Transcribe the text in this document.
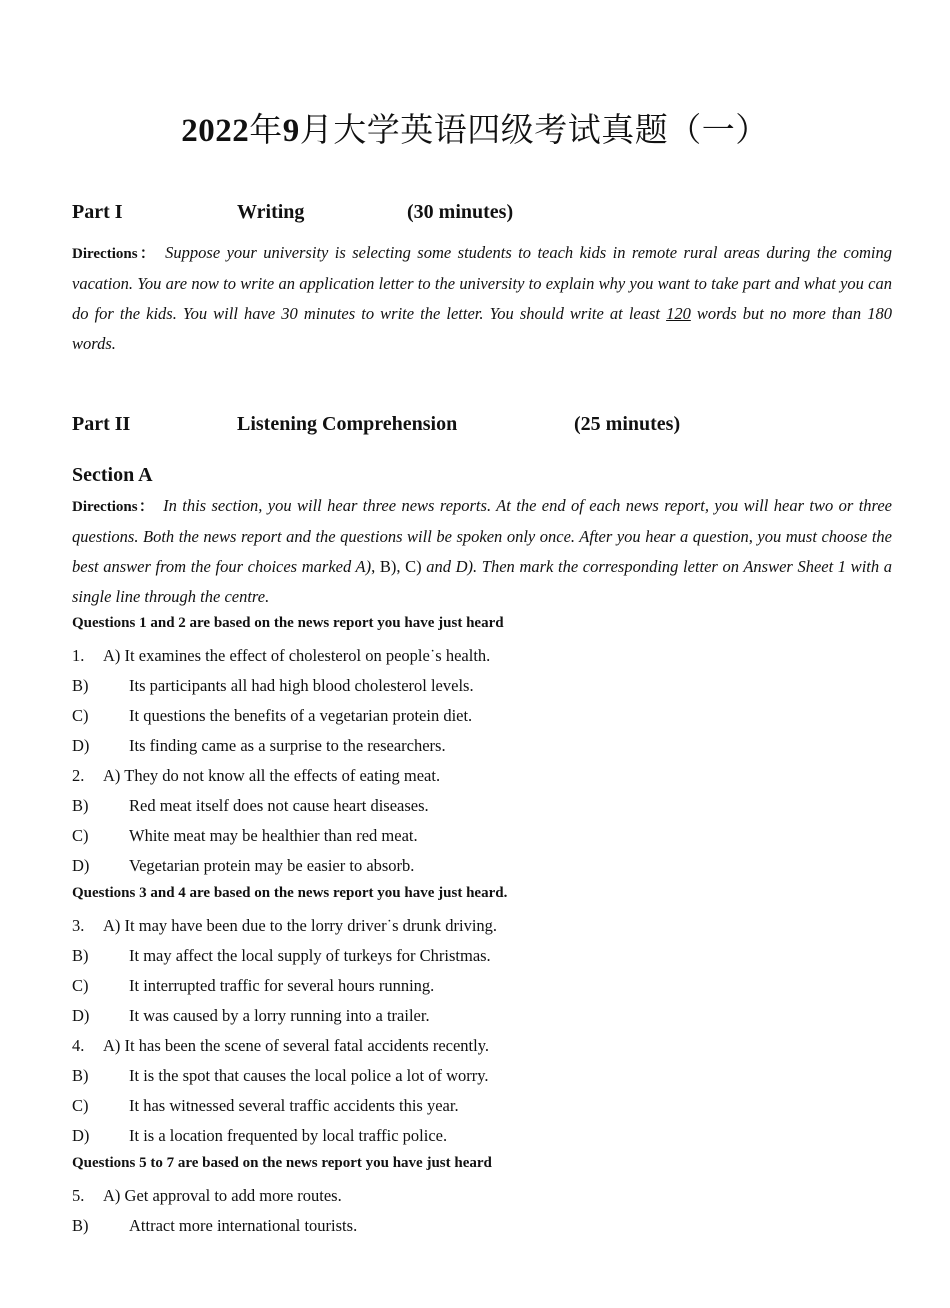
2022年9月大学英语四级考试真题（一）
Part I	Writing	(30 minutes)
Directions： Suppose your university is selecting some students to teach kids in remote rural areas during the coming vacation. You are now to write an application letter to the university to explain why you want to take part and what you can do for the kids. You will have 30 minutes to write the letter. You should write at least 120 words but no more than 180 words.
Part II	Listening Comprehension	(25 minutes)
Section A
Directions： In this section, you will hear three news reports. At the end of each news report, you will hear two or three questions. Both the news report and the questions will be spoken only once. After you hear a question, you must choose the best answer from the four choices marked A), B), C) and D). Then mark the corresponding letter on Answer Sheet 1 with a single line through the centre.
Questions 1 and 2 are based on the news report you have just heard
1. A) It examines the effect of cholesterol on people˙s health.
B) Its participants all had high blood cholesterol levels.
C) It questions the benefits of a vegetarian protein diet.
D) Its finding came as a surprise to the researchers.
2. A) They do not know all the effects of eating meat.
B) Red meat itself does not cause heart diseases.
C) White meat may be healthier than red meat.
D) Vegetarian protein may be easier to absorb.
Questions 3 and 4 are based on the news report you have just heard.
3. A) It may have been due to the lorry driver˙s drunk driving.
B) It may affect the local supply of turkeys for Christmas.
C) It interrupted traffic for several hours running.
D) It was caused by a lorry running into a trailer.
4. A) It has been the scene of several fatal accidents recently.
B) It is the spot that causes the local police a lot of worry.
C) It has witnessed several traffic accidents this year.
D) It is a location frequented by local traffic police.
Questions 5 to 7 are based on the news report you have just heard
5. A) Get approval to add more routes.
B) Attract more international tourists.
